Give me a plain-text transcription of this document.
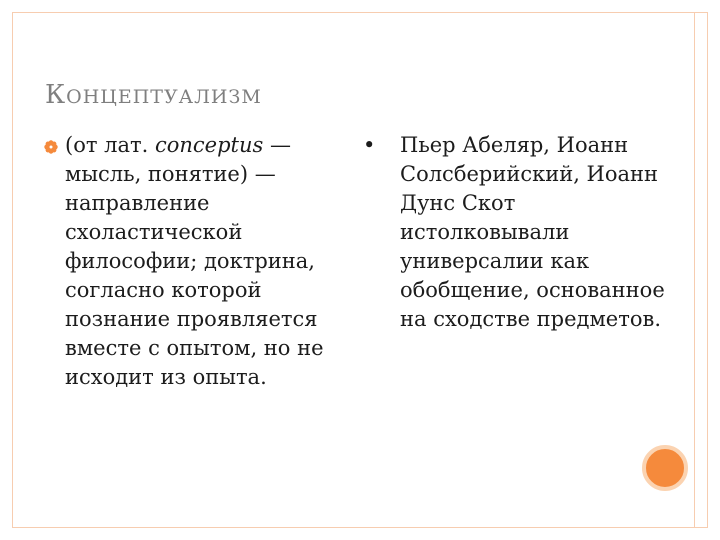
КОНЦЕПТУАЛИЗМ
(от лат. conceptus —
мысль, понятие) —
направление
схоластической
философии; доктрина,
согласно которой
познание проявляется
вместе с опытом, но не
исходит из опыта.
• Пьер Абеляр, Иоанн
Солсберийский, Иоанн
Дунс Скот
истолковывали
универсалии как
обобщение, основанное
на сходстве предметов.
